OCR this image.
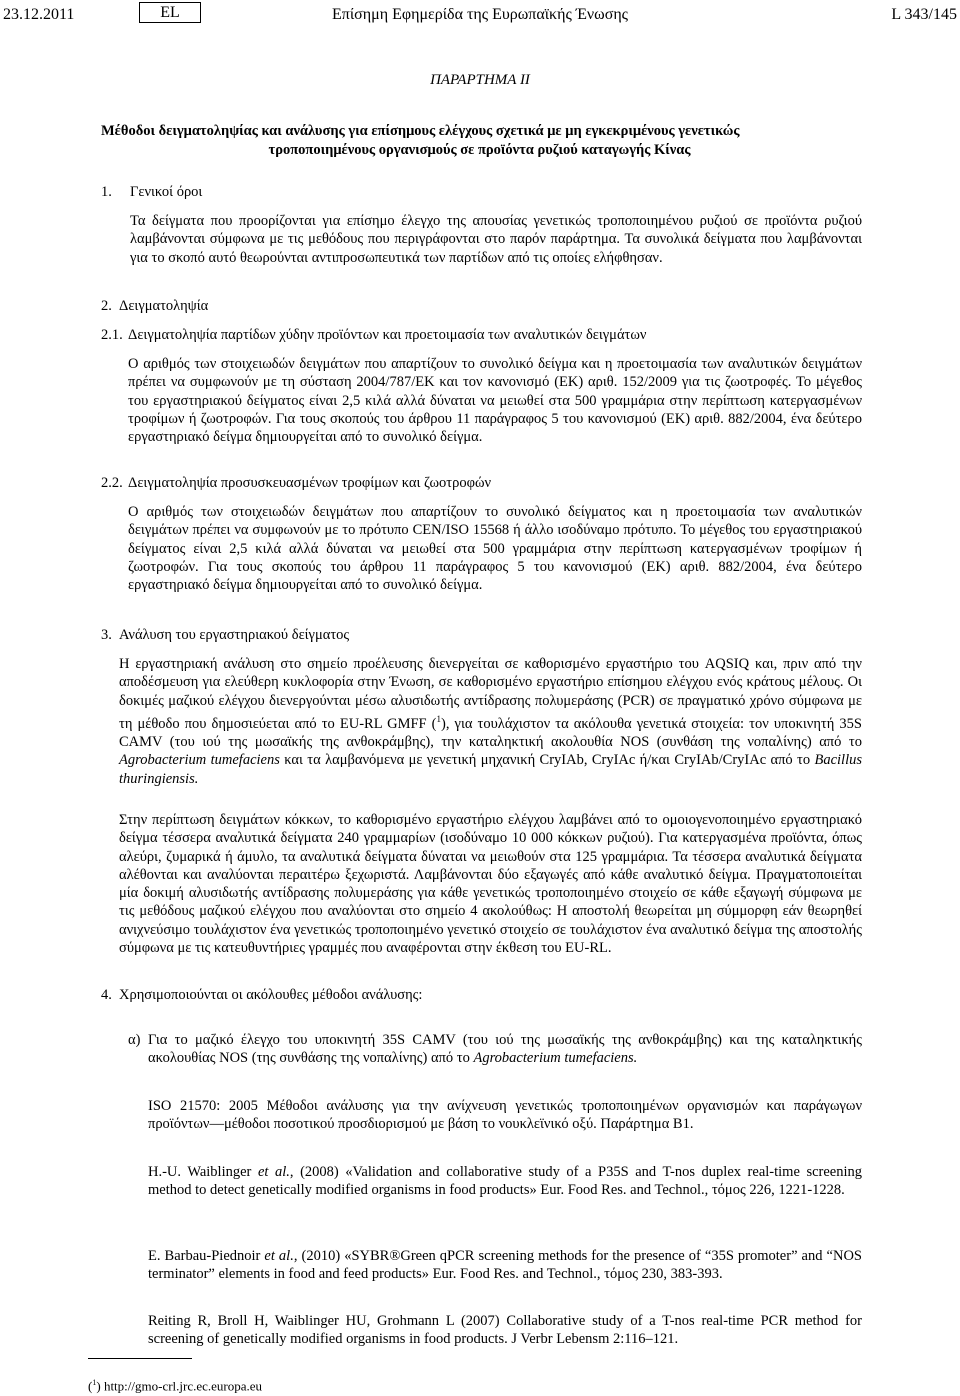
23.12.2011	EL	Επίσημη Εφημερίδα της Ευρωπαϊκής Ένωσης	L 343/145
ΠΑΡΑΡΤΗΜΑ ΙΙ
Μέθοδοι δειγματοληψίας και ανάλυσης για επίσημους ελέγχους σχετικά με μη εγκεκριμένους γενετικώς
τροποποιημένους οργανισμούς σε προϊόντα ρυζιού καταγωγής Κίνας
1. Γενικοί όροι

Τα δείγματα που προορίζονται για επίσημο έλεγχο της απουσίας γενετικώς τροποποιημένου ρυζιού σε προϊόντα ρυζιού λαμβάνονται σύμφωνα με τις μεθόδους που περιγράφονται στο παρόν παράρτημα. Τα συνολικά δείγματα που λαμβάνονται για το σκοπό αυτό θεωρούνται αντιπροσωπευτικά των παρτίδων από τις οποίες ελήφθησαν.

2. Δειγματοληψία
2.1. Δειγματοληψία παρτίδων χύδην προϊόντων και προετοιμασία των αναλυτικών δειγμάτων

Ο αριθμός των στοιχειωδών δειγμάτων που απαρτίζουν το συνολικό δείγμα και η προετοιμασία των αναλυτικών δειγμάτων πρέπει να συμφωνούν με τη σύσταση 2004/787/ΕΚ και τον κανονισμό (ΕΚ) αριθ. 152/2009 για τις ζωοτροφές. Το μέγεθος του εργαστηριακού δείγματος είναι 2,5 κιλά αλλά δύναται να μειωθεί στα 500 γραμμάρια στην περίπτωση κατεργασμένων τροφίμων ή ζωοτροφών. Για τους σκοπούς του άρθρου 11 παράγραφος 5 του κανονισμού (ΕΚ) αριθ. 882/2004, ένα δεύτερο εργαστηριακό δείγμα δημιουργείται από το συνολικό δείγμα.

2.2. Δειγματοληψία προσυσκευασμένων τροφίμων και ζωοτροφών

Ο αριθμός των στοιχειωδών δειγμάτων που απαρτίζουν το συνολικό δείγματος και η προετοιμασία των αναλυτικών δειγμάτων πρέπει να συμφωνούν με το πρότυπο CEN/ISO 15568 ή άλλο ισοδύναμο πρότυπο. Το μέγεθος του εργαστηριακού δείγματος είναι 2,5 κιλά αλλά δύναται να μειωθεί στα 500 γραμμάρια στην περίπτωση κατεργασμένων τροφίμων ή ζωοτροφών. Για τους σκοπούς του άρθρου 11 παράγραφος 5 του κανονισμού (ΕΚ) αριθ. 882/2004, ένα δεύτερο εργαστηριακό δείγμα δημιουργείται από το συνολικό δείγμα.

3. Ανάλυση του εργαστηριακού δείγματος

Η εργαστηριακή ανάλυση στο σημείο προέλευσης διενεργείται σε καθορισμένο εργαστήριο του AQSIQ και, πριν από την αποδέσμευση για ελεύθερη κυκλοφορία στην Ένωση, σε καθορισμένο εργαστήριο επίσημου ελέγχου ενός κράτους μέλους. Οι δοκιμές μαζικού ελέγχου διενεργούνται μέσω αλυσιδωτής αντίδρασης πολυμεράσης (PCR) σε πραγματικό χρόνο σύμφωνα με τη μέθοδο που δημοσιεύεται από το EU-RL GMFF ($^1$), για τουλάχιστον τα ακόλουθα γενετικά στοιχεία: τον υποκινητή 35S CAMV (του ιού της μωσαϊκής της ανθοκράμβης), την καταληκτική ακολουθία NOS (συνθάση της νοπαλίνης) από το Agrobacterium tumefaciens και τα λαμβανόμενα με γενετική μηχανική CryIAb, CryIAc ή/και CryIAb/CryIAc από το Bacillus thuringiensis.

Στην περίπτωση δειγμάτων κόκκων, το καθορισμένο εργαστήριο ελέγχου λαμβάνει από το ομοιογενοποιημένο εργαστηριακό δείγμα τέσσερα αναλυτικά δείγματα 240 γραμμαρίων (ισοδύναμο 10 000 κόκκων ρυζιού). Για κατεργασμένα προϊόντα, όπως αλεύρι, ζυμαρικά ή άμυλο, τα αναλυτικά δείγματα δύναται να μειωθούν στα 125 γραμμάρια. Τα τέσσερα αναλυτικά δείγματα αλέθονται και αναλύονται περαιτέρω ξεχωριστά. Λαμβάνονται δύο εξαγωγές από κάθε αναλυτικό δείγμα. Πραγματοποιείται μία δοκιμή αλυσιδωτής αντίδρασης πολυμεράσης για κάθε γενετικώς τροποποιημένο στοιχείο σε κάθε εξαγωγή σύμφωνα με τις μεθόδους μαζικού ελέγχου που αναλύονται στο σημείο 4 ακολούθως: Η αποστολή θεωρείται μη σύμμορφη εάν θεωρηθεί ανιχνεύσιμο τουλάχιστον ένα γενετικώς τροποποιημένο γενετικό στοιχείο σε τουλάχιστον ένα αναλυτικό δείγμα της αποστολής σύμφωνα με τις κατευθυντήριες γραμμές που αναφέρονται στην έκθεση του EU-RL.

4. Χρησιμοποιούνται οι ακόλουθες μέθοδοι ανάλυσης:
α) Για το μαζικό έλεγχο του υποκινητή 35S CAMV (του ιού της μωσαϊκής της ανθοκράμβης) και της καταληκτικής ακολουθίας NOS (της συνθάσης της νοπαλίνης) από το Agrobacterium tumefaciens.

ISO 21570: 2005 Μέθοδοι ανάλυσης για την ανίχνευση γενετικώς τροποποιημένων οργανισμών και παράγωγων προϊόντων—μέθοδοι ποσοτικού προσδιορισμού με βάση το νουκλεϊνικό οξύ. Παράρτημα Β1.

H.-U. Waiblinger et al., (2008) «Validation and collaborative study of a P35S and T-nos duplex real-time screening method to detect genetically modified organisms in food products» Eur. Food Res. and Technol., τόμος 226, 1221-1228.

E. Barbau-Piednoir et al., (2010) «SYBR®Green qPCR screening methods for the presence of “35S promoter” and “NOS terminator” elements in food and feed products» Eur. Food Res. and Technol., τόμος 230, 383-393.

Reiting R, Broll H, Waiblinger HU, Grohmann L (2007) Collaborative study of a T-nos real-time PCR method for screening of genetically modified organisms in food products. J Verbr Lebensm 2:116–121.

($^1$) http://gmo-crl.jrc.ec.europa.eu
